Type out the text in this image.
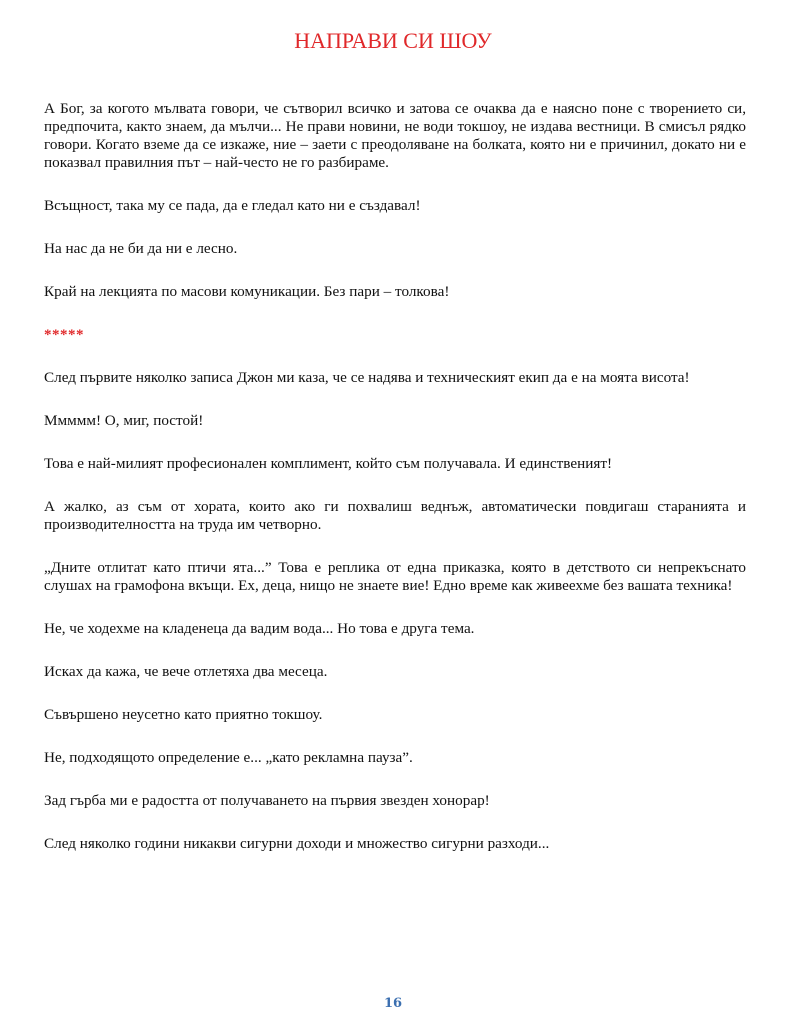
НАПРАВИ СИ ШОУ

А Бог, за когото мълвата говори, че сътворил всичко и затова се очаква да е наясно поне с творението си, предпочита, както знаем, да мълчи... Не прави новини, не води токшоу, не издава вестници. В смисъл рядко говори. Когато вземе да се изкаже, ние – заети с преодоляване на болката, която ни е причинил, докато ни е показвал правилния път – най-често не го разбираме.

Всъщност, така му се пада, да е гледал като ни е създавал!

На нас да не би да ни е лесно.

Край на лекцията по масови комуникации. Без пари – толкова!

*****

След първите няколко записа Джон ми каза, че се надява и техническият екип да е на моята висота!

Ммммм! О, миг, постой!

Това е най-милият професионален комплимент, който съм получавала. И единственият!

А жалко, аз съм от хората, които ако ги похвалиш веднъж, автоматически повдигаш старанията и производителността на труда им четворно.

„Дните отлитат като птичи ята...” Това е реплика от една приказка, която в детството си непрекъснато слушах на грамофона вкъщи. Ех, деца, нищо не знаете вие! Едно време как живеехме без вашата техника!

Не, че ходехме на кладенеца да вадим вода... Но това е друга тема.

Исках да кажа, че вече отлетяха два месеца.

Съвършено неусетно като приятно токшоу.

Не, подходящото определение е... „като рекламна пауза”.

Зад гърба ми е радостта от получаването на първия звезден хонорар!

След няколко години никакви сигурни доходи и множество сигурни разходи...

16
